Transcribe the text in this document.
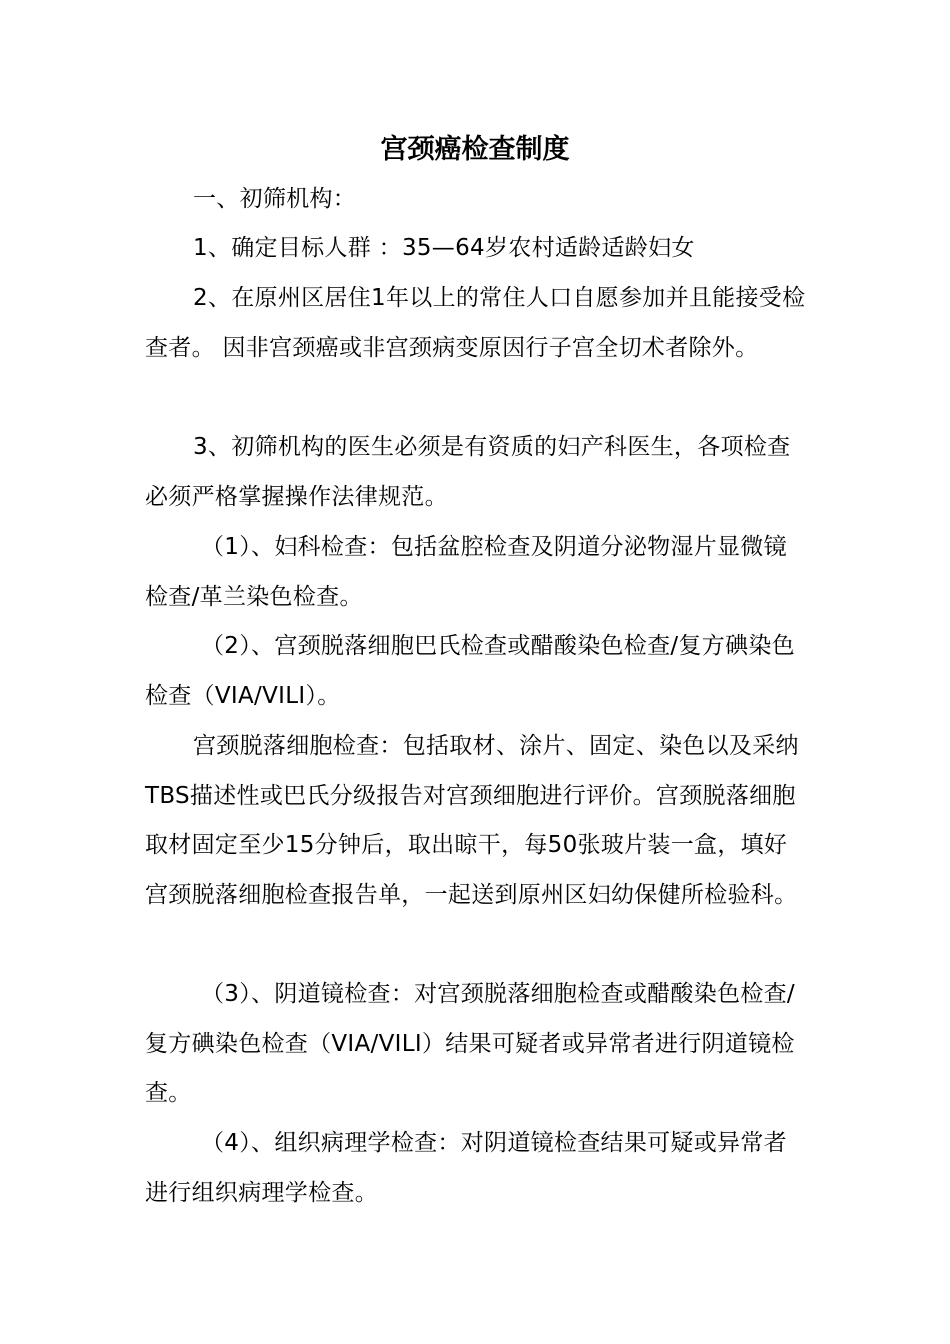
宫颈癌检查制度

一、初筛机构：

1、确定目标人群 ：35—64岁农村适龄适龄妇女

2、在原州区居住1年以上的常住人口自愿参加并且能接受检查者。 因非宫颈癌或非宫颈病变原因行子宫全切术者除外。

3、初筛机构的医生必须是有资质的妇产科医生，各项检查必须严格掌握操作法律规范。

（1）、妇科检查：包括盆腔检查及阴道分泌物湿片显微镜检查/革兰染色检查。

（2）、宫颈脱落细胞巴氏检查或醋酸染色检查/复方碘染色检查（VIA/VILI）。

宫颈脱落细胞检查：包括取材、涂片、固定、染色以及采纳TBS描述性或巴氏分级报告对宫颈细胞进行评价。宫颈脱落细胞取材固定至少15分钟后，取出晾干，每50张玻片装一盒，填好宫颈脱落细胞检查报告单，一起送到原州区妇幼保健所检验科。

（3）、阴道镜检查：对宫颈脱落细胞检查或醋酸染色检查/复方碘染色检查（VIA/VILI）结果可疑者或异常者进行阴道镜检查。

（4）、组织病理学检查：对阴道镜检查结果可疑或异常者进行组织病理学检查。
